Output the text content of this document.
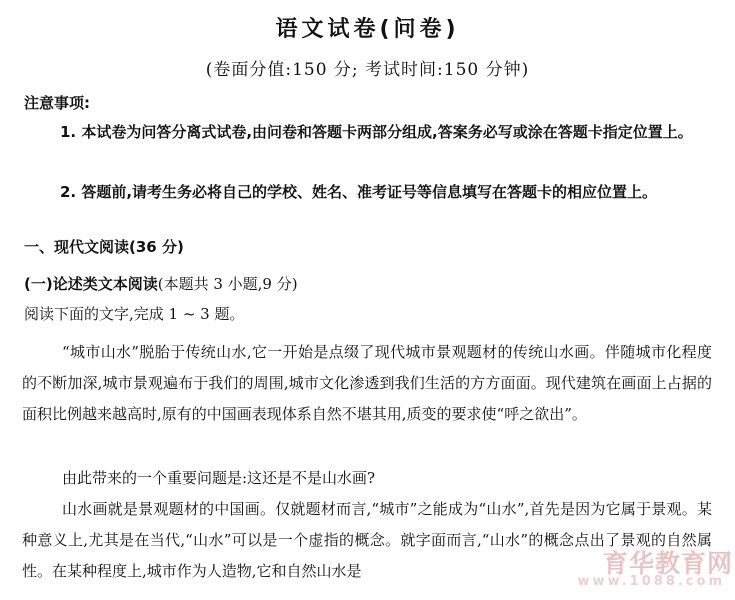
语文试卷(问卷)
(卷面分值:150 分; 考试时间:150 分钟)
注意事项:
1. 本试卷为问答分离式试卷,由问卷和答题卡两部分组成,答案务必写或涂在答题卡指定位置上。
2. 答题前,请考生务必将自己的学校、姓名、准考证号等信息填写在答题卡的相应位置上。
一、现代文阅读(36 分)
(一)论述类文本阅读(本题共 3 小题,9 分)
阅读下面的文字,完成 1 ~ 3 题。
“城市山水”脱胎于传统山水,它一开始是点缀了现代城市景观题材的传统山水画。伴随城市化程度的不断加深,城市景观遍布于我们的周围,城市文化渗透到我们生活的方方面面。现代建筑在画面上占据的面积比例越来越高时,原有的中国画表现体系自然不堪其用,质变的要求使“呼之欲出”。
由此带来的一个重要问题是:这还是不是山水画?
山水画就是景观题材的中国画。仅就题材而言,“城市”之能成为“山水”,首先是因为它属于景观。某种意义上,尤其是在当代,“山水”可以是一个虚指的概念。就字面而言,“山水”的概念点出了景观的自然属性。在某种程度上,城市作为人造物,它和自然山水是	育华教育网
www.1088.com
